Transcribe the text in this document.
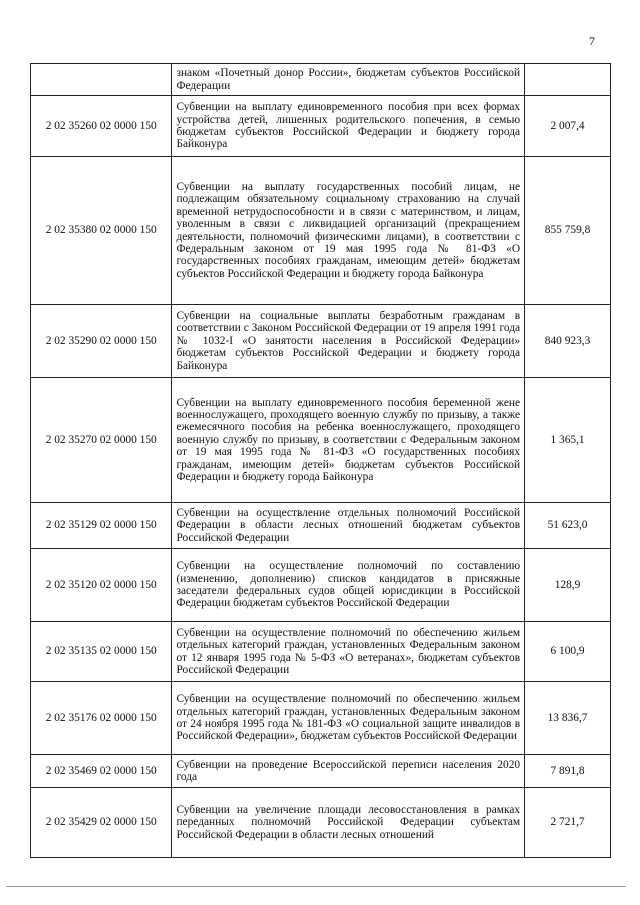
7
	знаком «Почетный донор России», бюджетам субъектов Российской Федерации	
2 02 35260 02 0000 150	Субвенции на выплату единовременного пособия при всех формах устройства детей, лишенных родительского попечения, в семью бюджетам субъектов Российской Федерации и бюджету города Байконура	2 007,4
2 02 35380 02 0000 150	Субвенции на выплату государственных пособий лицам, не подлежащим обязательному социальному страхованию на случай временной нетрудоспособности и в связи с материнством, и лицам, уволенным в связи с ликвидацией организаций (прекращением деятельности, полномочий физическими лицами), в соответствии с Федеральным законом от 19 мая 1995 года № 81-ФЗ «О государственных пособиях гражданам, имеющим детей» бюджетам субъектов Российской Федерации и бюджету города Байконура	855 759,8
2 02 35290 02 0000 150	Субвенции на социальные выплаты безработным гражданам в соответствии с Законом Российской Федерации от 19 апреля 1991 года № 1032-I «О занятости населения в Российской Федерации» бюджетам субъектов Российской Федерации и бюджету города Байконура	840 923,3
2 02 35270 02 0000 150	Субвенции на выплату единовременного пособия беременной жене военнослужащего, проходящего военную службу по призыву, а также ежемесячного пособия на ребенка военнослужащего, проходящего военную службу по призыву, в соответствии с Федеральным законом от 19 мая 1995 года № 81-ФЗ «О государственных пособиях гражданам, имеющим детей» бюджетам субъектов Российской Федерации и бюджету города Байконура	1 365,1
2 02 35129 02 0000 150	Субвенции на осуществление отдельных полномочий Российской Федерации в области лесных отношений бюджетам субъектов Российской Федерации	51 623,0
2 02 35120 02 0000 150	Субвенции на осуществление полномочий по составлению (изменению, дополнению) списков кандидатов в присяжные заседатели федеральных судов общей юрисдикции в Российской Федерации бюджетам субъектов Российской Федерации	128,9
2 02 35135 02 0000 150	Субвенции на осуществление полномочий по обеспечению жильем отдельных категорий граждан, установленных Федеральным законом от 12 января 1995 года № 5-ФЗ «О ветеранах», бюджетам субъектов Российской Федерации	6 100,9
2 02 35176 02 0000 150	Субвенции на осуществление полномочий по обеспечению жильем отдельных категорий граждан, установленных Федеральным законом от 24 ноября 1995 года № 181-ФЗ «О социальной защите инвалидов в Российской Федерации», бюджетам субъектов Российской Федерации	13 836,7
2 02 35469 02 0000 150	Субвенции на проведение Всероссийской переписи населения 2020 года	7 891,8
2 02 35429 02 0000 150	Субвенции на увеличение площади лесовосстановления в рамках переданных полномочий Российской Федерации субъектам Российской Федерации в области лесных отношений	2 721,7
